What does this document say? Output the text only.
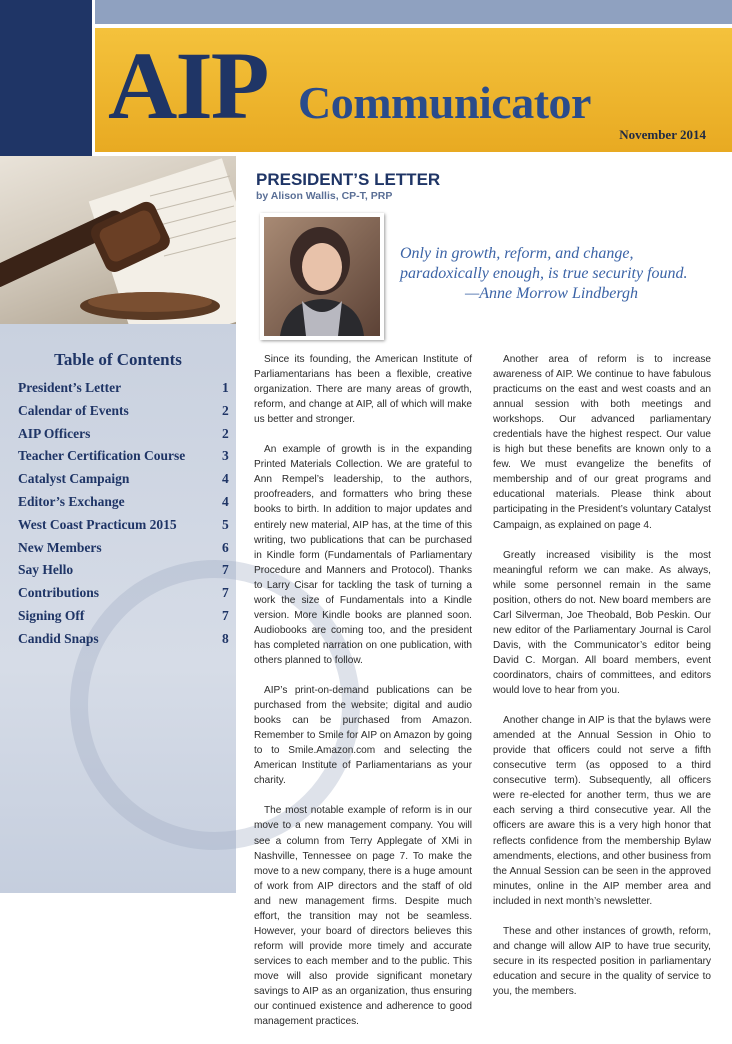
AIP Communicator
November 2014
Table of Contents
President’s Letter	1
Calendar of Events	2
AIP Officers	2
Teacher Certification Course	3
Catalyst Campaign	4
Editor’s Exchange	4
West Coast Practicum 2015	5
New Members	6
Say Hello	7
Contributions	7
Signing Off	7
Candid Snaps	8
PRESIDENT’S LETTER
by Alison Wallis, CP-T, PRP
Only in growth, reform, and change,
paradoxically enough, is true security found.
—Anne Morrow Lindbergh

Since its founding, the American Institute of Parliamentarians has been a flexible, creative organization. There are many areas of growth, reform, and change at AIP, all of which will make us better and stronger.

An example of growth is in the expanding Printed Materials Collection. We are grateful to Ann Rempel’s leadership, to the authors, proofreaders, and formatters who bring these books to birth. In addition to major updates and entirely new material, AIP has, at the time of this writing, two publications that can be purchased in Kindle form (Fundamentals of Parliamentary Procedure and Manners and Protocol). Thanks to Larry Cisar for tackling the task of turning a work the size of Fundamentals into a Kindle version. More Kindle books are planned soon. Audiobooks are coming too, and the president has completed narration on one publication, with others planned to follow.

AIP’s print-on-demand publications can be purchased from the website; digital and audio books can be purchased from Amazon. Remember to Smile for AIP on Amazon by going to to Smile.Amazon.com and selecting the American Institute of Parliamentarians as your charity.

The most notable example of reform is in our move to a new management company. You will see a column from Terry Applegate of XMi in Nashville, Tennessee on page 7. To make the move to a new company, there is a huge amount of work from AIP directors and the staff of old and new management firms. Despite much effort, the transition may not be seamless. However, your board of directors believes this reform will provide more timely and accurate services to each member and to the public. This move will also provide significant monetary savings to AIP as an organization, thus ensuring our continued existence and adherence to good management practices.

Another area of reform is to increase awareness of AIP. We continue to have fabulous practicums on the east and west coasts and an annual session with both meetings and workshops. Our advanced parliamentary credentials have the highest respect. Our value is high but these benefits are known only to a few. We must evangelize the benefits of membership and of our great programs and educational materials. Please think about participating in the President’s voluntary Catalyst Campaign, as explained on page 4.

Greatly increased visibility is the most meaningful reform we can make. As always, while some personnel remain in the same position, others do not. New board members are Carl Silverman, Joe Theobald, Bob Peskin. Our new editor of the Parliamentary Journal is Carol Davis, with the Communicator’s editor being David C. Morgan. All board members, event coordinators, chairs of committees, and editors would love to hear from you.

Another change in AIP is that the bylaws were amended at the Annual Session in Ohio to provide that officers could not serve a fifth consecutive term (as opposed to a third consecutive term). Subsequently, all officers were re-elected for another term, thus we are each serving a third consecutive year. All the officers are aware this is a very high honor that reflects confidence from the membership Bylaw amendments, elections, and other business from the Annual Session can be seen in the approved minutes, online in the AIP member area and included in next month’s newsletter.

These and other instances of growth, reform, and change will allow AIP to have true security, secure in its respected position in parliamentary education and secure in the quality of service to you, the members.
